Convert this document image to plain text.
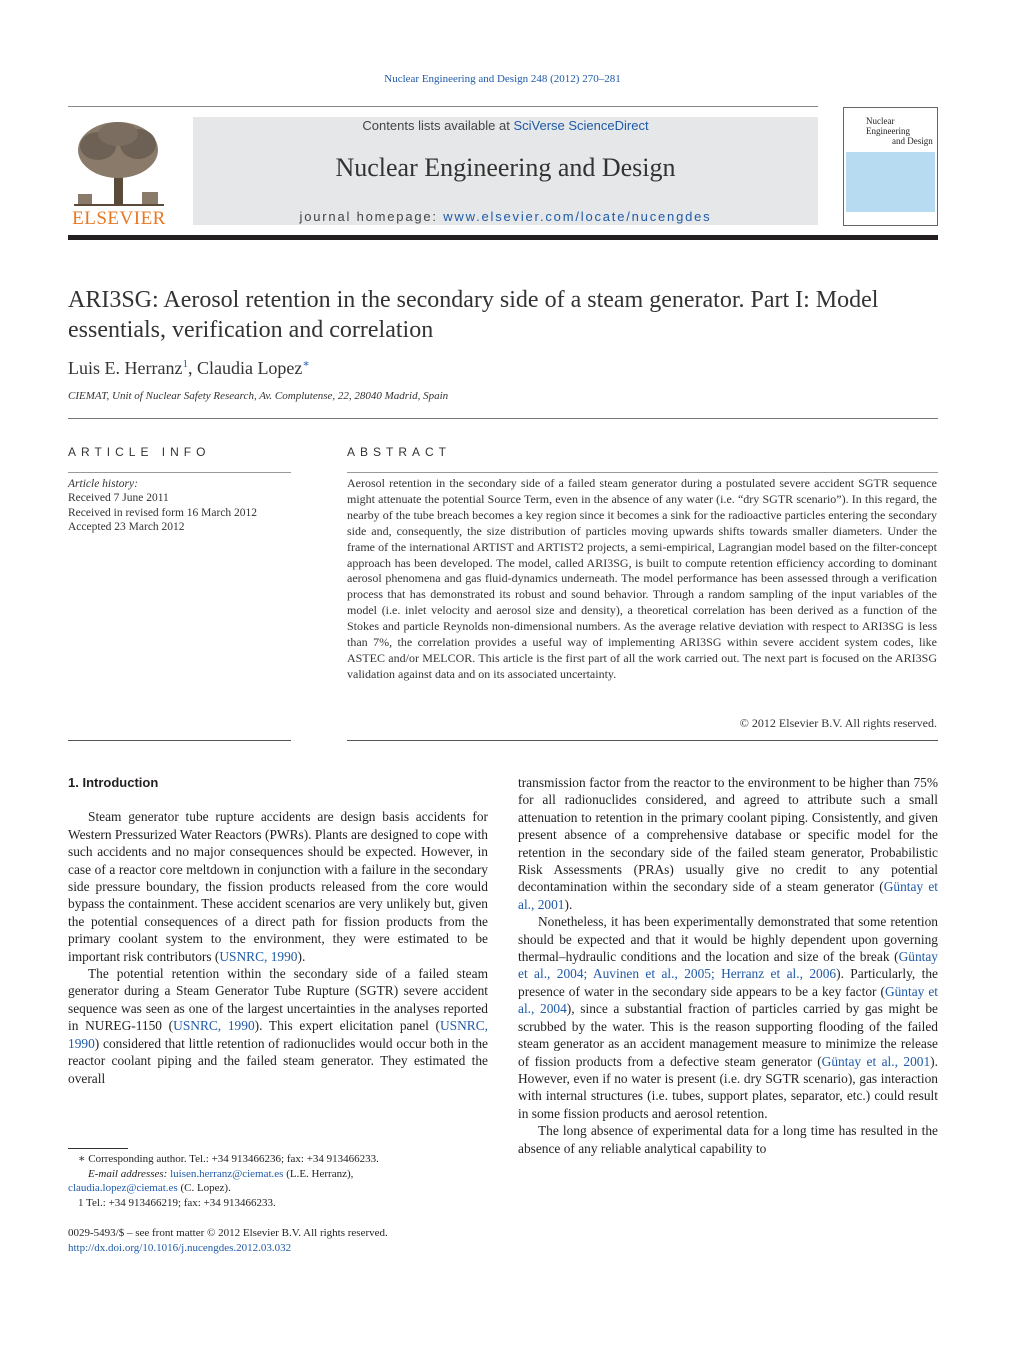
Nuclear Engineering and Design 248 (2012) 270–281
ELSEVIER
Contents lists available at SciVerse ScienceDirect
Nuclear Engineering and Design
journal homepage: www.elsevier.com/locate/nucengdes
Nuclear Engineering
and Design
ARI3SG: Aerosol retention in the secondary side of a steam generator. Part I: Model essentials, verification and correlation
Luis E. Herranz$^1$, Claudia Lopez∗
CIEMAT, Unit of Nuclear Safety Research, Av. Complutense, 22, 28040 Madrid, Spain
ARTICLE INFO	ABSTRACT
Article history:
Received 7 June 2011
Received in revised form 16 March 2012
Accepted 23 March 2012
Aerosol retention in the secondary side of a failed steam generator during a postulated severe accident SGTR sequence might attenuate the potential Source Term, even in the absence of any water (i.e. “dry SGTR scenario”). In this regard, the nearby of the tube breach becomes a key region since it becomes a sink for the radioactive particles entering the secondary side and, consequently, the size distribution of particles moving upwards shifts towards smaller diameters. Under the frame of the international ARTIST and ARTIST2 projects, a semi-empirical, Lagrangian model based on the filter-concept approach has been developed. The model, called ARI3SG, is built to compute retention efficiency according to dominant aerosol phenomena and gas fluid-dynamics underneath. The model performance has been assessed through a verification process that has demonstrated its robust and sound behavior. Through a random sampling of the input variables of the model (i.e. inlet velocity and aerosol size and density), a theoretical correlation has been derived as a function of the Stokes and particle Reynolds non-dimensional numbers. As the average relative deviation with respect to ARI3SG is less than 7%, the correlation provides a useful way of implementing ARI3SG within severe accident system codes, like ASTEC and/or MELCOR. This article is the first part of all the work carried out. The next part is focused on the ARI3SG validation against data and on its associated uncertainty.
© 2012 Elsevier B.V. All rights reserved.
1. Introduction

Steam generator tube rupture accidents are design basis accidents for Western Pressurized Water Reactors (PWRs). Plants are designed to cope with such accidents and no major consequences should be expected. However, in case of a reactor core meltdown in conjunction with a failure in the secondary side pressure boundary, the fission products released from the core would bypass the containment. These accident scenarios are very unlikely but, given the potential consequences of a direct path for fission products from the primary coolant system to the environment, they were estimated to be important risk contributors (USNRC, 1990).

The potential retention within the secondary side of a failed steam generator during a Steam Generator Tube Rupture (SGTR) severe accident sequence was seen as one of the largest uncertainties in the analyses reported in NUREG-1150 (USNRC, 1990). This expert elicitation panel (USNRC, 1990) considered that little retention of radionuclides would occur both in the reactor coolant piping and the failed steam generator. They estimated the overall

transmission factor from the reactor to the environment to be higher than 75% for all radionuclides considered, and agreed to attribute such a small attenuation to retention in the primary coolant piping. Consistently, and given present absence of a comprehensive database or specific model for the retention in the secondary side of the failed steam generator, Probabilistic Risk Assessments (PRAs) usually give no credit to any potential decontamination within the secondary side of a steam generator (Güntay et al., 2001).

Nonetheless, it has been experimentally demonstrated that some retention should be expected and that it would be highly dependent upon governing thermal–hydraulic conditions and the location and size of the break (Güntay et al., 2004; Auvinen et al., 2005; Herranz et al., 2006). Particularly, the presence of water in the secondary side appears to be a key factor (Güntay et al., 2004), since a substantial fraction of particles carried by gas might be scrubbed by the water. This is the reason supporting flooding of the failed steam generator as an accident management measure to minimize the release of fission products from a defective steam generator (Güntay et al., 2001). However, even if no water is present (i.e. dry SGTR scenario), gas interaction with internal structures (i.e. tubes, support plates, separator, etc.) could result in some fission products and aerosol retention.

The long absence of experimental data for a long time has resulted in the absence of any reliable analytical capability to

∗ Corresponding author. Tel.: +34 913466236; fax: +34 913466233.
E-mail addresses: luisen.herranz@ciemat.es (L.E. Herranz),
claudia.lopez@ciemat.es (C. Lopez).
1 Tel.: +34 913466219; fax: +34 913466233.
0029-5493/$ – see front matter © 2012 Elsevier B.V. All rights reserved.
http://dx.doi.org/10.1016/j.nucengdes.2012.03.032
